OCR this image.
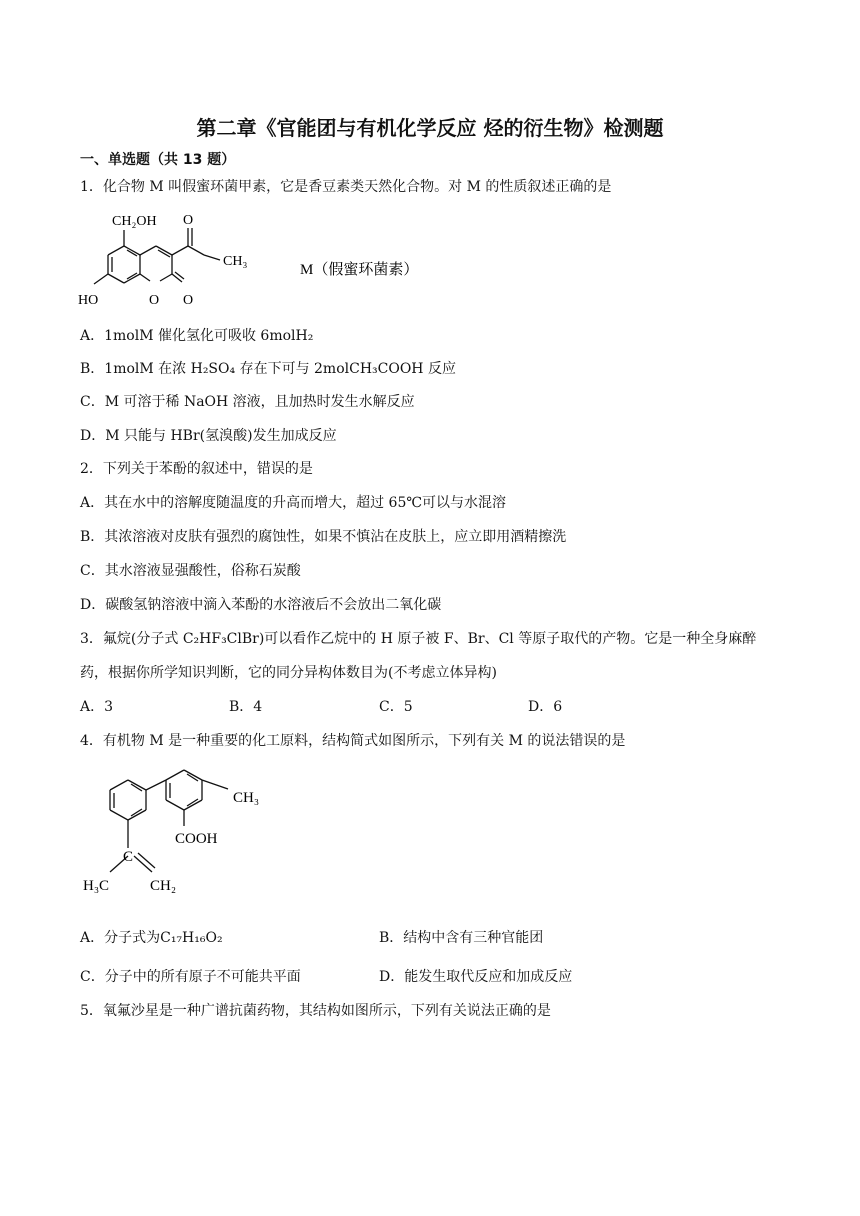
第二章《官能团与有机化学反应 烃的衍生物》检测题
一、单选题（共 13 题）
1．化合物 M 叫假蜜环菌甲素，它是香豆素类天然化合物。对 M 的性质叙述正确的是
CH₂OH O
CH₃
HO	O O
M（假蜜环菌素）
A．1molM 催化氢化可吸收 6molH₂
B．1molM 在浓 H₂SO₄ 存在下可与 2molCH₃COOH 反应
C．M 可溶于稀 NaOH 溶液，且加热时发生水解反应
D．M 只能与 HBr(氢溴酸)发生加成反应
2．下列关于苯酚的叙述中，错误的是
A．其在水中的溶解度随温度的升高而增大，超过 65℃可以与水混溶
B．其浓溶液对皮肤有强烈的腐蚀性，如果不慎沾在皮肤上，应立即用酒精擦洗
C．其水溶液显强酸性，俗称石炭酸
D．碳酸氢钠溶液中滴入苯酚的水溶液后不会放出二氧化碳
3．氟烷(分子式 C₂HF₃ClBr)可以看作乙烷中的 H 原子被 F、Br、Cl 等原子取代的产物。它是一种全身麻醉
药，根据你所学知识判断，它的同分异构体数目为(不考虑立体异构)
A．3	B．4	C．5	D．6
4．有机物 M 是一种重要的化工原料，结构简式如图所示，下列有关 M 的说法错误的是
CH₃
COOH
C
H₃C	CH₂
A．分子式为C₁₇H₁₆O₂	B．结构中含有三种官能团
C．分子中的所有原子不可能共平面	D．能发生取代反应和加成反应
5．氧氟沙星是一种广谱抗菌药物，其结构如图所示，下列有关说法正确的是
